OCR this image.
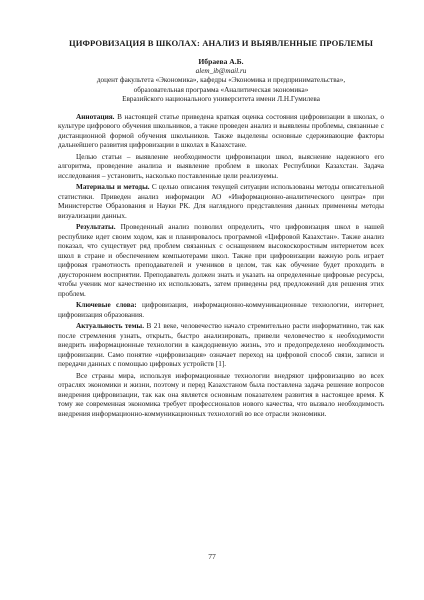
ЦИФРОВИЗАЦИЯ В ШКОЛАХ: АНАЛИЗ И ВЫЯВЛЕННЫЕ ПРОБЛЕМЫ
Ибраева А.Б.
alem_ib@mail.ru
доцент факультета «Экономика», кафедры «Экономика и предпринимательства»,
образовательная программа «Аналитическая экономика»
Евразийского национального университета имени Л.Н.Гумилева

Аннотация. В настоящей статье приведена краткая оценка состояния цифровизации в школах, о культуре цифрового обучения школьников, а также проведен анализ и выявлены проблемы, связанные с дистанционной формой обучения школьников. Также выделены основные сдерживающие факторы дальнейшего развития цифровизации в школах в Казахстане.

Целью статьи – выявление необходимости цифровизации школ, выяснение надежного его алгоритма, проведение анализа и выявление проблем в школах Республики Казахстан. Задача исследования – установить, насколько поставленные цели реализуемы.

Материалы и методы. С целью описания текущей ситуации использованы методы описательной статистики. Приведен анализ информации АО «Информационно-аналитического центра» при Министерстве Образования и Науки РК. Для наглядного представления данных применены методы визуализации данных.

Результаты. Проведенный анализ позволил определить, что цифровизация школ в нашей республике идет своим ходом, как и планировалось программой «Цифровой Казахстан». Также анализ показал, что существует ряд проблем связанных с оснащением высокоскоростным интернетом всех школ в стране и обеспечением компьютерами школ. Также при цифровизации важную роль играет цифровая грамотность преподавателей и учеников в целом, так как обучение будет проходить в двустороннем восприятии. Преподаватель должен знать и указать на определенные цифровые ресурсы, чтобы ученик мог качественно их использовать, затем приведены ряд предложений для решения этих проблем.

Ключевые слова: цифровизация, информационно-коммуникационные технологии, интернет, цифровизация образования.

Актуальность темы. В 21 веке, человечество начало стремительно расти информативно, так как после стремления узнать, открыть, быстро анализировать, привели человечество к необходимости внедрить информационные технологии в каждодневную жизнь, это и предопределено необходимость цифровизации. Само понятие «цифровизация» означает переход на цифровой способ связи, записи и передачи данных с помощью цифровых устройств [1].

Все страны мира, используя информационные технологии внедряют цифровизацию во всех отраслях экономики и жизни, поэтому и перед Казахстаном была поставлена задача решение вопросов внедрения цифровизации, так как она является основным показателем развития в настоящее время. К тому же современная экономика требует профессионалов нового качества, что вызвало необходимость внедрения информационно-коммуникационных технологий во все отрасли экономики.

77
